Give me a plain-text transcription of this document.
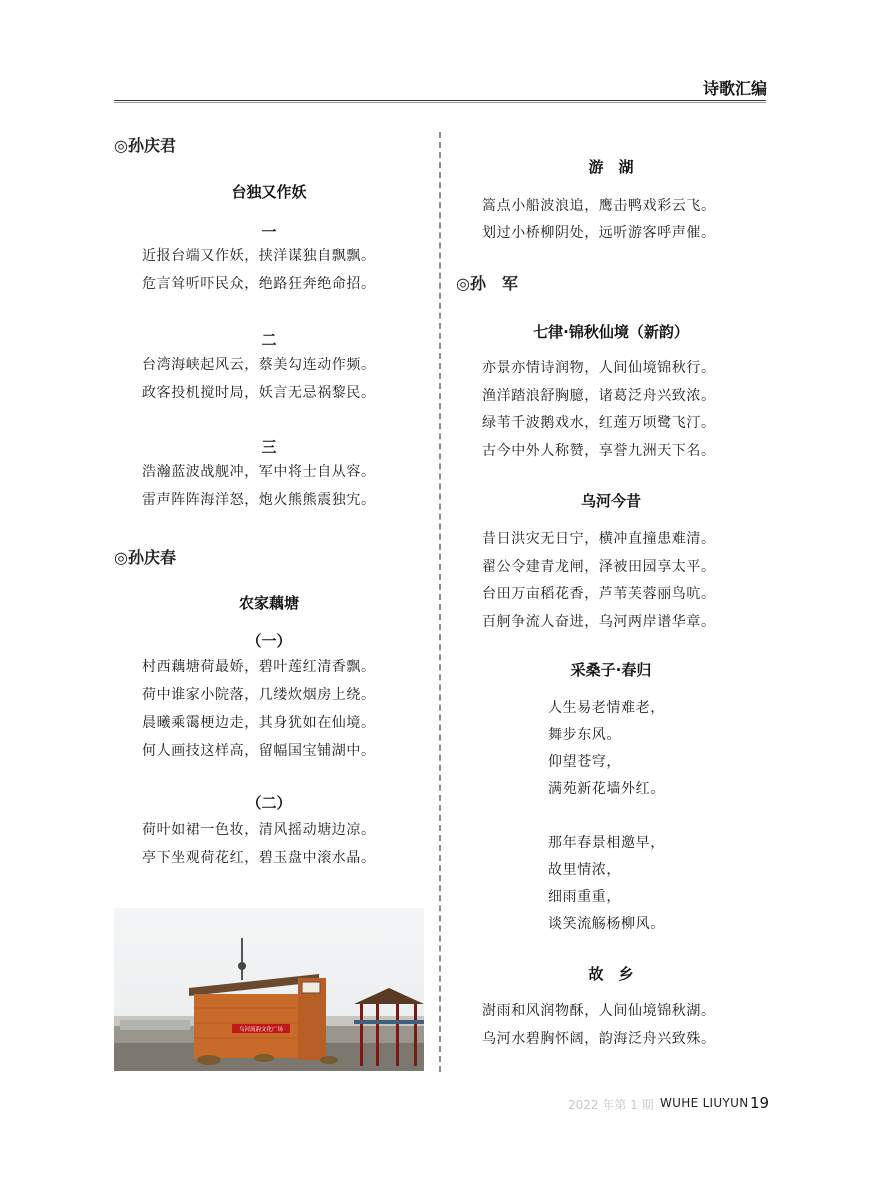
诗歌汇编
◎孙庆君
台独又作妖
一
近报台端又作妖，挟洋谋独自飘飘。
危言耸听吓民众，绝路狂奔绝命招。
二
台湾海峡起风云，蔡美勾连动作频。
政客投机搅时局，妖言无忌祸黎民。
三
浩瀚蓝波战舰冲，军中将士自从容。
雷声阵阵海洋怒，炮火熊熊震独宄。
◎孙庆春
农家藕塘
（一）
村西藕塘荷最娇，碧叶莲红清香飘。
荷中谁家小院落，几缕炊烟房上绕。
晨曦乘霭梗边走，其身犹如在仙境。
何人画技这样高，留幅国宝铺湖中。
（二）
荷叶如裙一色妆，清风摇动塘边凉。
亭下坐观荷花红，碧玉盘中滚水晶。
乌河流韵文化广场
游　湖
篙点小船波浪追，鹰击鸭戏彩云飞。
划过小桥柳阴处，远听游客呼声催。
◎孙　军
七律·锦秋仙境（新韵）
亦景亦情诗润物，人间仙境锦秋行。
渔洋踏浪舒胸臆，诸葛泛舟兴致浓。
绿苇千波鹅戏水，红莲万顷鹭飞汀。
古今中外人称赞，享誉九洲天下名。
乌河今昔
昔日洪灾无日宁，横冲直撞患难清。
翟公令建青龙闸，泽被田园享太平。
台田万亩稻花香，芦苇芙蓉丽鸟吭。
百舸争流人奋进，乌河两岸谱华章。
采桑子·春归
人生易老情难老，
舞步东风。
仰望苍穹，
满苑新花墙外红。
那年春景相邀早，
故里情浓，
细雨重重，
谈笑流觞杨柳风。
故　乡
澍雨和风润物酥，人间仙境锦秋湖。
乌河水碧胸怀阔，韵海泛舟兴致殊。
2022 年第 1 期 WUHE LIUYUN 19
